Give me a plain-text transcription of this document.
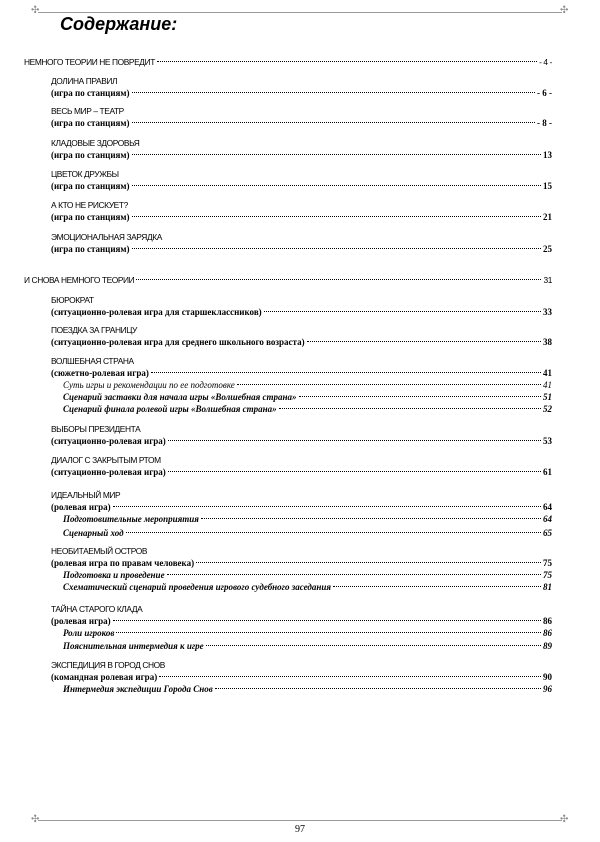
✣	✣
Содержание:
НЕМНОГО ТЕОРИИ НЕ ПОВРЕДИТ	- 4 -
ДОЛИНА ПРАВИЛ
(игра по станциям)	- 6 -
ВЕСЬ МИР – ТЕАТР
(игра по станциям)	- 8 -
КЛАДОВЫЕ ЗДОРОВЬЯ
(игра по станциям)	13
ЦВЕТОК ДРУЖБЫ
(игра по станциям)	15
А КТО НЕ РИСКУЕТ?
(игра по станциям)	21
ЭМОЦИОНАЛЬНАЯ ЗАРЯДКА
(игра по станциям)	25
И СНОВА НЕМНОГО ТЕОРИИ	31
БЮРОКРАТ
(ситуационно-ролевая игра для старшеклассников)	33
ПОЕЗДКА ЗА ГРАНИЦУ
(ситуационно-ролевая игра для среднего школьного возраста)	38
ВОЛШЕБНАЯ СТРАНА
(сюжетно-ролевая игра)	41
Суть игры и рекомендации по ее подготовке	41
Сценарий заставки для начала игры «Волшебная страна»	51
Сценарий финала ролевой игры «Волшебная страна»	52
ВЫБОРЫ ПРЕЗИДЕНТА
(ситуационно-ролевая игра)	53
ДИАЛОГ С ЗАКРЫТЫМ РТОМ
(ситуационно-ролевая игра)	61
ИДЕАЛЬНЫЙ МИР
(ролевая игра)	64
Подготовительные мероприятия	64
Сценарный ход	65
НЕОБИТАЕМЫЙ ОСТРОВ
(ролевая игра по правам человека)	75
Подготовка и проведение	75
Схематический сценарий проведения игрового судебного заседания	81
ТАЙНА СТАРОГО КЛАДА
(ролевая игра)	86
Роли игроков	86
Пояснительная интермедия к игре	89
ЭКСПЕДИЦИЯ В ГОРОД СНОВ
(командная ролевая игра)	90
Интермедия экспедиции Города Снов	96
✣	✣
97
